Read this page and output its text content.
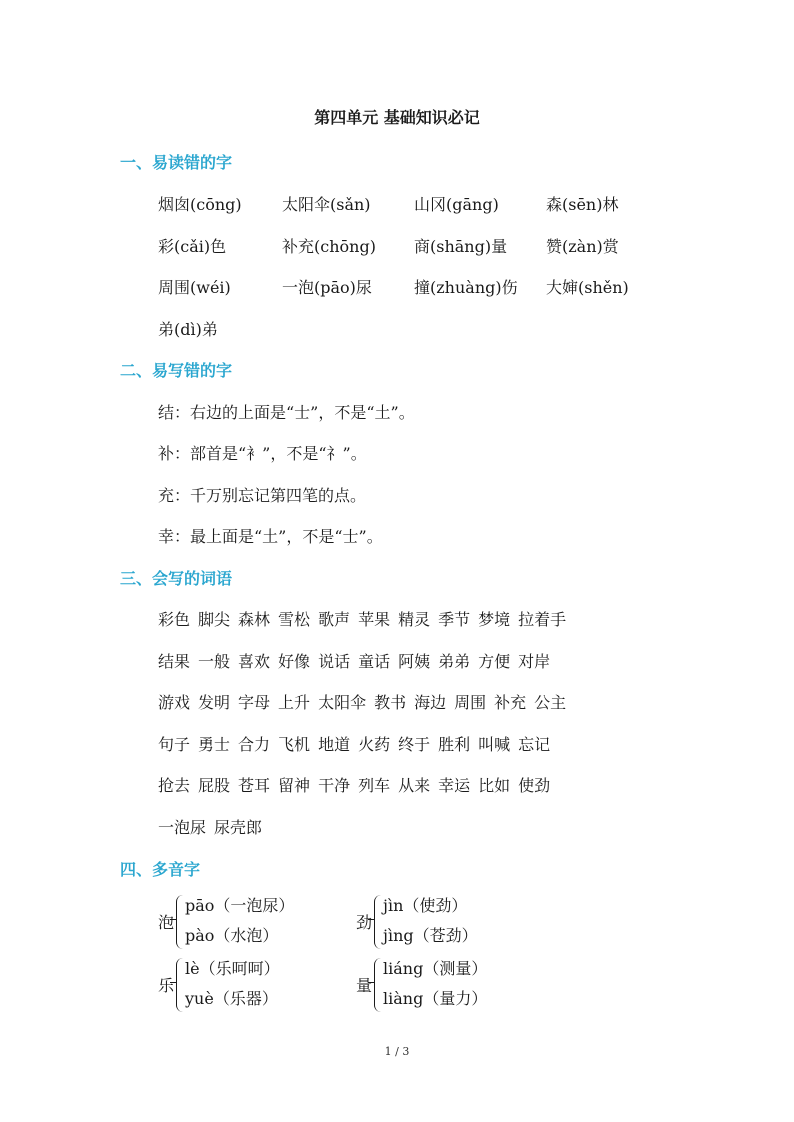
第四单元 基础知识必记
一、易读错的字
烟囱(cōng)	太阳伞(sǎn)	山冈(gāng)	森(sēn)林
彩(cǎi)色	补充(chōng) 商(shāng)量 赞(zàn)赏
周围(wéi)	一泡(pāo)尿	撞(zhuàng)伤 大婶(shěn)
弟(dì)弟
二、易写错的字
结：右边的上面是“士”，不是“土”。
补：部首是“衤”，不是“礻”。
充：千万别忘记第四笔的点。
幸：最上面是“土”，不是“士”。
三、会写的词语
彩色 脚尖 森林 雪松 歌声 苹果 精灵 季节 梦境 拉着手
结果 一般 喜欢 好像 说话 童话 阿姨 弟弟 方便 对岸
游戏 发明 字母 上升 太阳伞 教书 海边 周围 补充 公主
句子 勇士 合力 飞机 地道 火药 终于 胜利 叫喊 忘记
抢去 屁股 苍耳 留神 干净 列车 从来 幸运 比如 使劲
一泡尿 尿壳郎
四、多音字
泡
pāo（一泡尿）
pào（水泡）
劲
jìn（使劲）
jìng（苍劲）
乐
lè（乐呵呵）
yuè（乐器）
量
liáng（测量）
liàng（量力）
1 / 3
